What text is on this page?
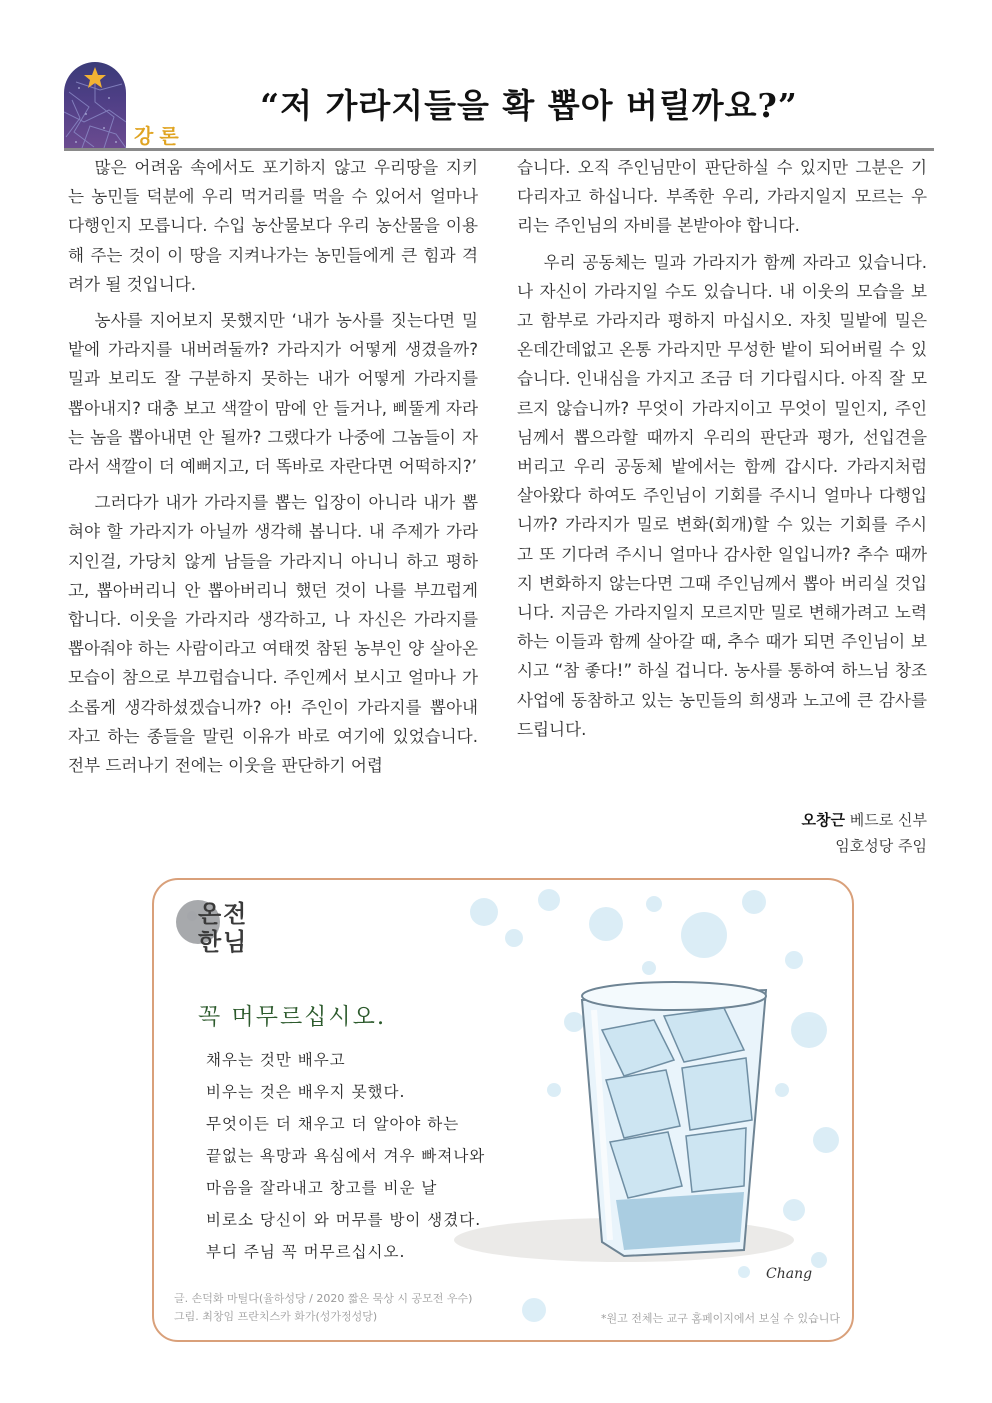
강론
“저 가라지들을 확 뽑아 버릴까요?”

많은 어려움 속에서도 포기하지 않고 우리땅을 지키는 농민들 덕분에 우리 먹거리를 먹을 수 있어서 얼마나 다행인지 모릅니다. 수입 농산물보다 우리 농산물을 이용해 주는 것이 이 땅을 지켜나가는 농민들에게 큰 힘과 격려가 될 것입니다.

농사를 지어보지 못했지만 ‘내가 농사를 짓는다면 밀밭에 가라지를 내버려둘까? 가라지가 어떻게 생겼을까? 밀과 보리도 잘 구분하지 못하는 내가 어떻게 가라지를 뽑아내지? 대충 보고 색깔이 맘에 안 들거나, 삐뚤게 자라는 놈을 뽑아내면 안 될까? 그랬다가 나중에 그놈들이 자라서 색깔이 더 예뻐지고, 더 똑바로 자란다면 어떡하지?’

그러다가 내가 가라지를 뽑는 입장이 아니라 내가 뽑혀야 할 가라지가 아닐까 생각해 봅니다. 내 주제가 가라지인걸, 가당치 않게 남들을 가라지니 아니니 하고 평하고, 뽑아버리니 안 뽑아버리니 했던 것이 나를 부끄럽게 합니다. 이웃을 가라지라 생각하고, 나 자신은 가라지를 뽑아줘야 하는 사람이라고 여태껏 참된 농부인 양 살아온 모습이 참으로 부끄럽습니다. 주인께서 보시고 얼마나 가소롭게 생각하셨겠습니까? 아! 주인이 가라지를 뽑아내자고 하는 종들을 말린 이유가 바로 여기에 있었습니다. 전부 드러나기 전에는 이웃을 판단하기 어렵

습니다. 오직 주인님만이 판단하실 수 있지만 그분은 기다리자고 하십니다. 부족한 우리, 가라지일지 모르는 우리는 주인님의 자비를 본받아야 합니다.

우리 공동체는 밀과 가라지가 함께 자라고 있습니다. 나 자신이 가라지일 수도 있습니다. 내 이웃의 모습을 보고 함부로 가라지라 평하지 마십시오. 자칫 밀밭에 밀은 온데간데없고 온통 가라지만 무성한 밭이 되어버릴 수 있습니다. 인내심을 가지고 조금 더 기다립시다. 아직 잘 모르지 않습니까? 무엇이 가라지이고 무엇이 밀인지, 주인님께서 뽑으라할 때까지 우리의 판단과 평가, 선입견을 버리고 우리 공동체 밭에서는 함께 갑시다. 가라지처럼 살아왔다 하여도 주인님이 기회를 주시니 얼마나 다행입니까? 가라지가 밀로 변화(회개)할 수 있는 기회를 주시고 또 기다려 주시니 얼마나 감사한 일입니까? 추수 때까지 변화하지 않는다면 그때 주인님께서 뽑아 버리실 것입니다. 지금은 가라지일지 모르지만 밀로 변해가려고 노력하는 이들과 함께 살아갈 때, 추수 때가 되면 주인님이 보시고 “참 좋다!” 하실 겁니다. 농사를 통하여 하느님 창조사업에 동참하고 있는 농민들의 희생과 노고에 큰 감사를 드립니다.

오창근 베드로 신부
임호성당 주임
온전한님
꼭 머무르십시오.
채우는 것만 배우고
비우는 것은 배우지 못했다.
무엇이든 더 채우고 더 알아야 하는
끝없는 욕망과 욕심에서 겨우 빠져나와
마음을 잘라내고 창고를 비운 날
비로소 당신이 와 머무를 방이 생겼다.
부디 주님 꼭 머무르십시오.
Chang
글. 손덕화 마틸다(율하성당 / 2020 짧은 묵상 시 공모전 우수)
그림. 최창임 프란치스카 화가(성가정성당)	*원고 전체는 교구 홈페이지에서 보실 수 있습니다
